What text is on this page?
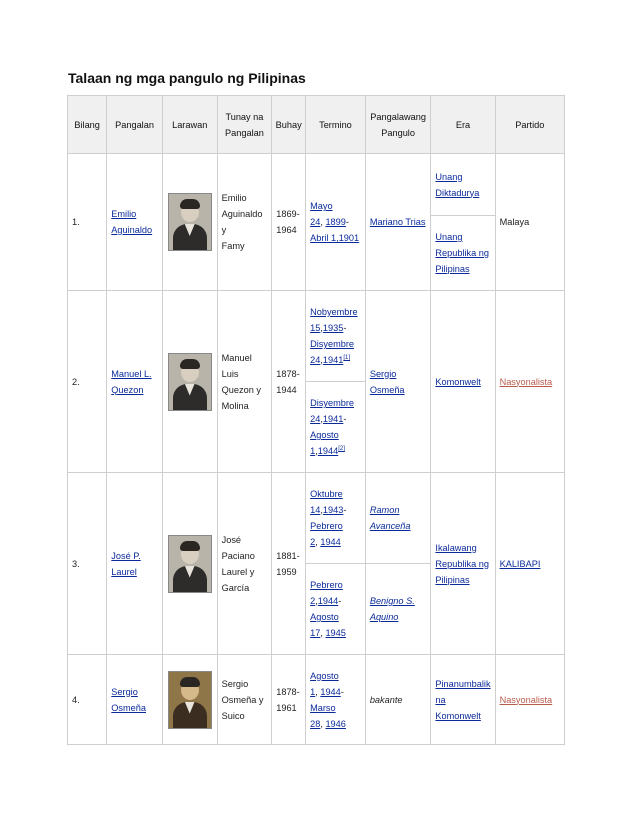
Talaan ng mga pangulo ng Pilipinas
Bilang	Pangalan	Larawan	Tunay na
Pangalan	Buhay	Termino	Pangalawang
Pangulo	Era	Partido
1.	Emilio
Aguinaldo		Emilio
Aguinaldo y
Famy	1869-
1964	Mayo
24, 1899-
Abril 1,1901	Mariano Trias	Unang
Diktadurya	Malaya
							Unang
Republika ng
Pilipinas	
2.	Manuel L.
Quezon		Manuel Luis
Quezon y
Molina	1878-
1944	Nobyembre
15,1935-
Disyembre
24,1941[1]	Sergio
Osmeña	Komonwelt	Nasyonalista
					Disyembre
24,1941-
Agosto
1,1944[2]
3.	José P.
Laurel		José
Paciano
Laurel y
García	1881-
1959	Oktubre
14,1943-
Pebrero
2, 1944	Ramon
Avanceña	Ikalawang
Republika ng
Pilipinas	KALIBAPI
					Pebrero
2,1944-
Agosto
17, 1945	Benigno S.
Aquino		
4.	Sergio
Osmeña		Sergio
Osmeña y
Suico	1878-
1961	Agosto
1, 1944-
Marso
28, 1946	bakante	Pinanumbalik
na
Komonwelt	Nasyonalista
